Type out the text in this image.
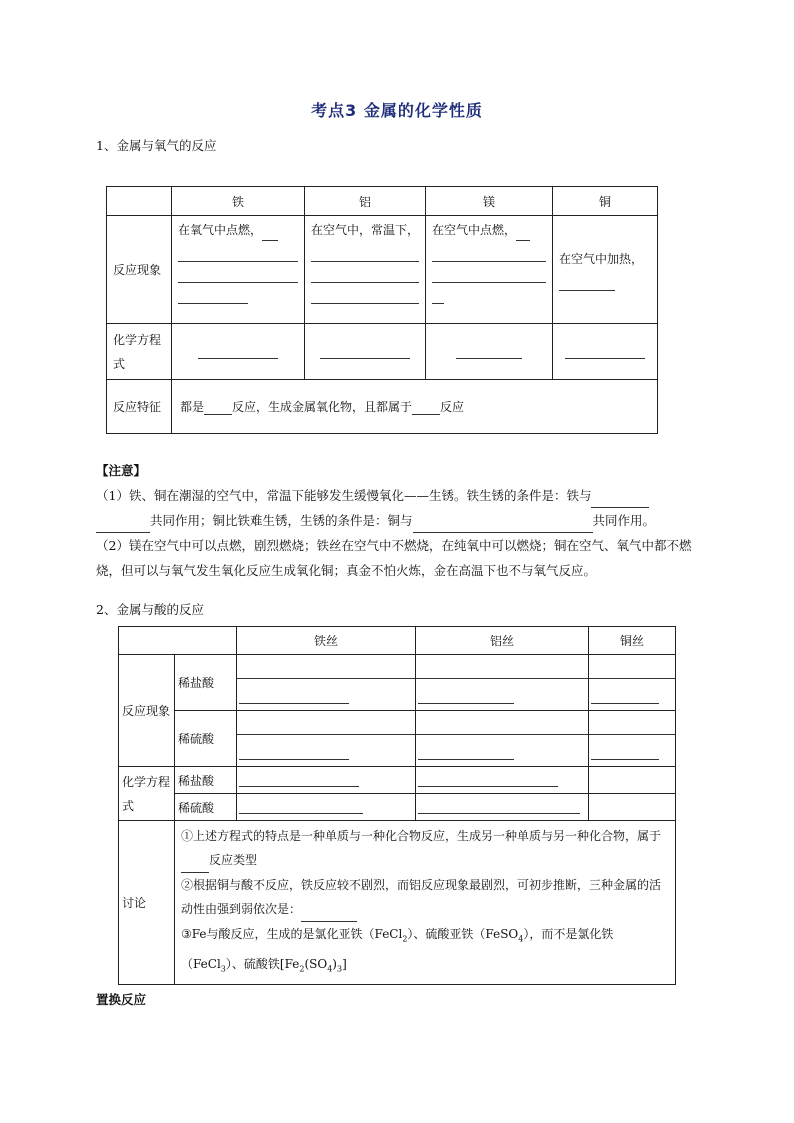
考点3 金属的化学性质
1、金属与氧气的反应
	铁	铝	镁	铜
反应现象	在氧气中点燃，	在空气中，常温下，	在空气中点燃，	在空气中加热，

化学方程式				
反应特征	都是 反应，生成金属氧化物，且都属于 反应			
【注意】
（1）铁、铜在潮湿的空气中，常温下能够发生缓慢氧化——生锈。铁生锈的条件是：铁与共同作用；铜比铁难生锈，生锈的条件是：铜与	共同作用。
（2）镁在空气中可以点燃，剧烈燃烧；铁丝在空气中不燃烧，在纯氧中可以燃烧；铜在空气、氧气中都不燃烧，但可以与氧气发生氧化反应生成氧化铜；真金不怕火炼，金在高温下也不与氧气反应。
2、金属与酸的反应
		铁丝	铝丝	铜丝
反应现象	稀盐酸	

	稀硫酸	

化学方程式	稀盐酸			
	稀硫酸			
讨论	①上述方程式的特点是一种单质与一种化合物反应，生成另一种单质与另一种化合物，属于反应类型
②根据铜与酸不反应，铁反应较不剧烈，而铝反应现象最剧烈，可初步推断，三种金属的活动性由强到弱依次是：
③Fe与酸反应，生成的是氯化亚铁（FeCl$_2$）、硫酸亚铁（FeSO$_4$），而不是氯化铁（FeCl$_3$）、硫酸铁$[Fe_2(SO_4)_3]$			
置换反应
